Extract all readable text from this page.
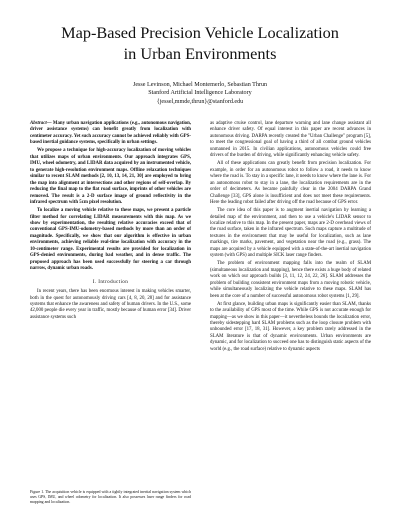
Map-Based Precision Vehicle Localization
in Urban Environments
Jesse Levinson, Michael Montemerlo, Sebastian Thrun
Stanford Artificial Intelligence Laboratory
{jessel,mmde,thrun}@stanford.edu

Abstract— Many urban navigation applications (e.g., autonomous navigation, driver assistance systems) can benefit greatly from localization with centimeter accuracy. Yet such accuracy cannot be achieved reliably with GPS-based inertial guidance systems, specifically in urban settings.

We propose a technique for high-accuracy localization of moving vehicles that utilizes maps of urban environments. Our approach integrates GPS, IMU, wheel odometry, and LIDAR data acquired by an instrumented vehicle, to generate high-resolution environment maps. Offline relaxation techniques similar to recent SLAM methods [2, 10, 13, 14, 21, 30] are employed to bring the map into alignment at intersections and other regions of self-overlap. By reducing the final map to the flat road surface, imprints of other vehicles are removed. The result is a 2-D surface image of ground reflectivity in the infrared spectrum with 5cm pixel resolution.

To localize a moving vehicle relative to these maps, we present a particle filter method for correlating LIDAR measurements with this map. As we show by experimentation, the resulting relative accuracies exceed that of conventional GPS-IMU-odometry-based methods by more than an order of magnitude. Specifically, we show that our algorithm is effective in urban environments, achieving reliable real-time localization with accuracy in the 10-centimeter range. Experimental results are provided for localization in GPS-denied environments, during bad weather, and in dense traffic. The proposed approach has been used successfully for steering a car through narrow, dynamic urban roads.

I. Introduction

In recent years, there has been enormous interest in making vehicles smarter, both in the quest for autonomously driving cars [4, 8, 20, 28] and for assistance systems that enhance the awareness and safety of human drivers. In the U.S., some 42,000 people die every year in traffic, mostly because of human error [34]. Driver assistance systems such

Figure 1. The acquisition vehicle is equipped with a tightly integrated inertial navigation system which uses GPS, IMU, and wheel odometry for localization. It also possesses laser range finders for road mapping and localization.

as adaptive cruise control, lane departure warning and lane change assistant all enhance driver safety. Of equal interest in this paper are recent advances in autonomous driving. DARPA recently created the "Urban Challenge" program [5], to meet the congressional goal of having a third of all combat ground vehicles unmanned in 2015. In civilian applications, autonomous vehicles could free drivers of the burden of driving, while significantly enhancing vehicle safety.

All of these applications can greatly benefit from precision localization. For example, in order for an autonomous robot to follow a road, it needs to know where the road is. To stay in a specific lane, it needs to know where the lane is. For an autonomous robot to stay in a lane, the localization requirements are in the order of decimeters. As became painfully clear in the 2004 DARPA Grand Challenge [33], GPS alone is insufficient and does not meet these requirements. Here the leading robot failed after driving off the road because of GPS error.

The core idea of this paper is to augment inertial navigation by learning a detailed map of the environment, and then to use a vehicle's LIDAR sensor to localize relative to this map. In the present paper, maps are 2-D overhead views of the road surface, taken in the infrared spectrum. Such maps capture a multitude of textures in the environment that may be useful for localization, such as lane markings, tire marks, pavement, and vegetation near the road (e.g., grass). The maps are acquired by a vehicle equipped with a state-of-the-art inertial navigation system (with GPS) and multiple SICK laser range finders.

The problem of environment mapping falls into the realm of SLAM (simultaneous localization and mapping), hence there exists a huge body of related work on which our approach builds [3, 11, 12, 24, 22, 26]. SLAM addresses the problem of building consistent environment maps from a moving robotic vehicle, while simultaneously localizing the vehicle relative to these maps. SLAM has been at the core of a number of successful autonomous robot systems [1, 29].

At first glance, building urban maps is significantly easier than SLAM, thanks to the availability of GPS most of the time. While GPS is not accurate enough for mapping—as we show in this paper—it nevertheless bounds the localization error, thereby sidestepping hard SLAM problems such as the loop closure problem with unbounded error [17, 18, 31]. However, a key problem rarely addressed in the SLAM literature is that of dynamic environments. Urban environments are dynamic, and for localization to succeed one has to distinguish static aspects of the world (e.g., the road surface) relative to dynamic aspects
